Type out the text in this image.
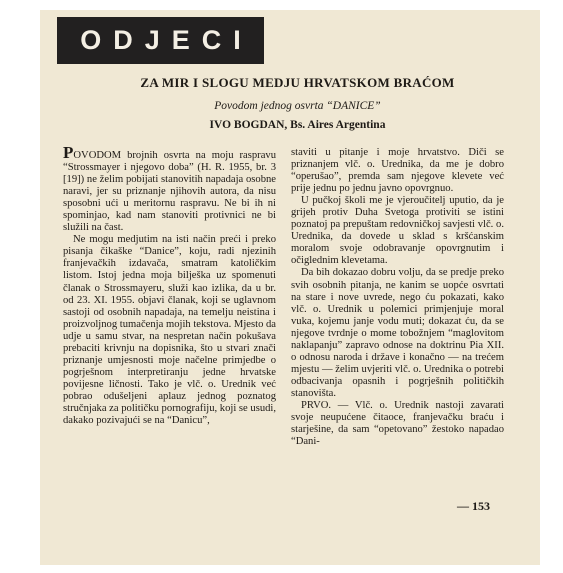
ODJECI
ZA MIR I SLOGU MEDJU HRVATSKOM BRAĆOM
Povodom jednog osvrta “DANICE”
IVO BOGDAN, Bs. Aires Argentina

POVODOM brojnih osvrta na moju raspravu “Strossmayer i njegovo doba” (H. R. 1955, br. 3 [19]) ne želim pobijati stanovitih napadaja osobne naravi, jer su priznanje njihovih autora, da nisu sposobni ući u meritornu raspravu. Ne bi ih ni spominjao, kad nam stanoviti protivnici ne bi služili na čast.

Ne mogu medjutim na isti način preći i preko pisanja čikaške “Danice”, koju, radi njezinih franjevačkih izdavača, smatram katoličkim listom. Istoj jedna moja bilješka uz spomenuti članak o Strossmayeru, služi kao izlika, da u br. od 23. XI. 1955. objavi članak, koji se uglavnom sastoji od osobnih napadaja, na temelju neistina i proizvoljnog tumačenja mojih tekstova. Mjesto da udje u samu stvar, na nespretan način pokušava prebaciti krivnju na dopisnika, što u stvari znači priznanje umjesnosti moje načelne primjedbe o pogrješnom interpretiranju jedne hrvatske povijesne ličnosti. Tako je vlč. o. Urednik već pobrao odušeljeni aplauz jednog poznatog stručnjaka za političku pornografiju, koji se usudi, dakako pozivajući se na “Danicu”,

staviti u pitanje i moje hrvatstvo. Diči se priznanjem vlč. o. Urednika, da me je dobro “operušao”, premda sam njegove klevete već prije jednu po jednu javno opovrgnuo.

U pučkoj školi me je vjeroučitelj uputio, da je grijeh protiv Duha Svetoga protiviti se istini poznatoj pa prepuštam redovničkoj savjesti vlč. o. Urednika, da dovede u sklad s kršćanskim moralom svoje odobravanje opovrgnutim i očiglednim klevetama.

Da bih dokazao dobru volju, da se predje preko svih osobnih pitanja, ne kanim se uopće osvrtati na stare i nove uvrede, nego ću pokazati, kako vlč. o. Urednik u polemici primjenjuje moral vuka, kojemu janje vodu muti; dokazat ću, da se njegove tvrdnje o mome tobožnjem “maglovitom naklapanju” zapravo odnose na doktrinu Pia XII. o odnosu naroda i države i konačno — na trećem mjestu — želim uvjeriti vlč. o. Urednika o potrebi odbacivanja opasnih i pogrješnih političkih stanovišta.

PRVO. — Vlč. o. Urednik nastoji zavarati svoje neupućene čitaoce, franjevačku braću i starješine, da sam “opetovano” žestoko napadao “Dani-

— 153
